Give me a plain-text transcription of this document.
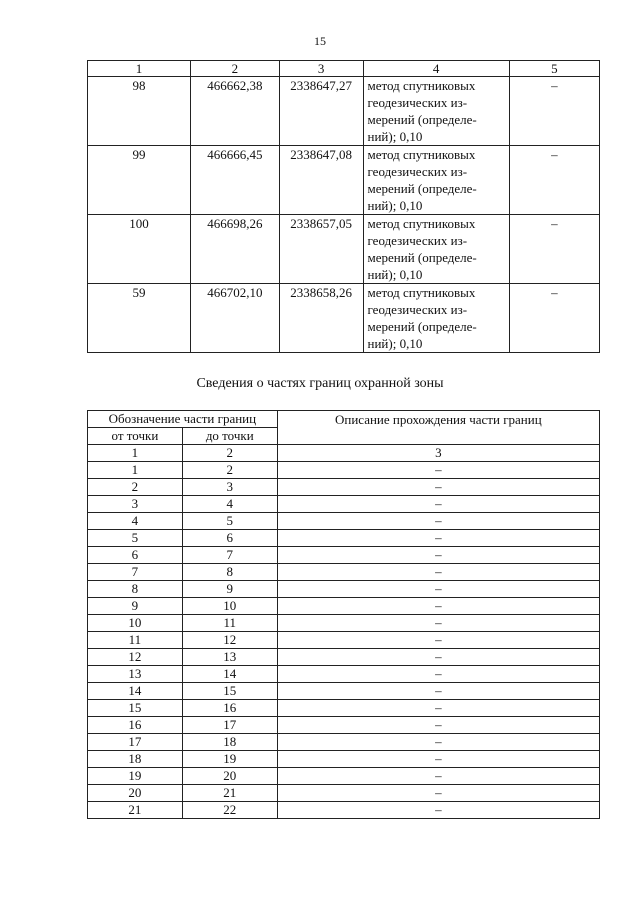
15
1	2	3	4	5
98	466662,38	2338647,27	метод спутниковых
геодезических из-
мерений (определе-
ний); 0,10	–
99	466666,45	2338647,08	метод спутниковых
геодезических из-
мерений (определе-
ний); 0,10	–
100	466698,26	2338657,05	метод спутниковых
геодезических из-
мерений (определе-
ний); 0,10	–
59	466702,10	2338658,26	метод спутниковых
геодезических из-
мерений (определе-
ний); 0,10	–
Сведения о частях границ охранной зоны
Обозначение части границ		Описание прохождения части границ
от точки	до точки	
1	2	3
1	2	–
2	3	–
3	4	–
4	5	–
5	6	–
6	7	–
7	8	–
8	9	–
9	10	–
10	11	–
11	12	–
12	13	–
13	14	–
14	15	–
15	16	–
16	17	–
17	18	–
18	19	–
19	20	–
20	21	–
21	22	–
